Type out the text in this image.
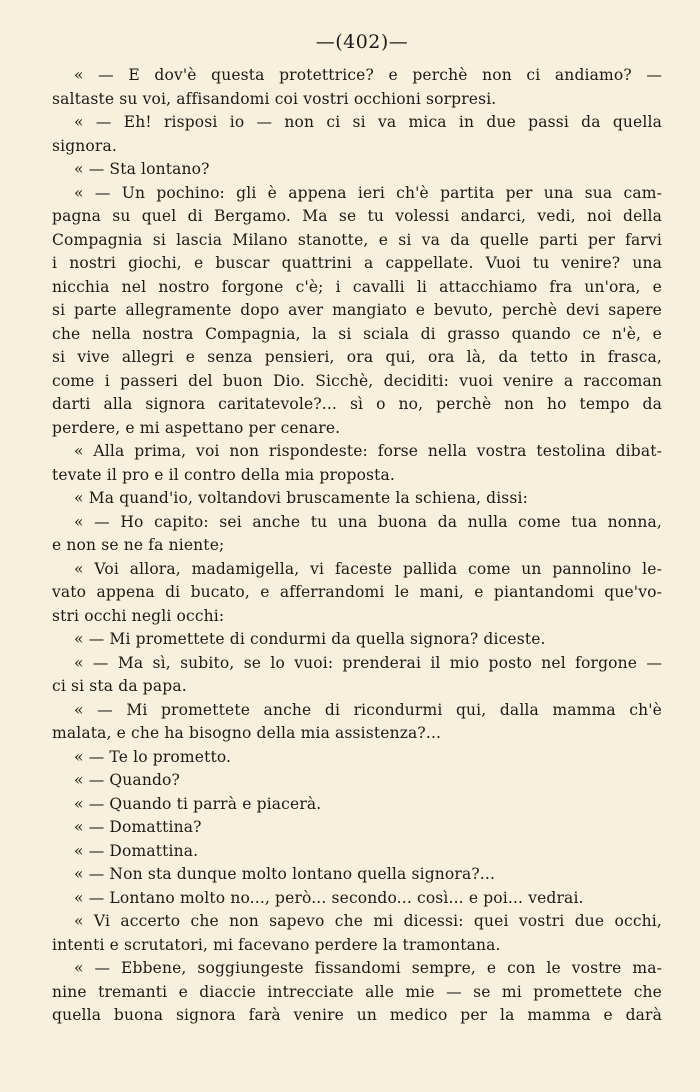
—(402)—
« — E dov'è questa protettrice? e perchè non ci andiamo? —
saltaste su voi, affisandomi coi vostri occhioni sorpresi.
« — Eh! risposi io — non ci si va mica in due passi da quella
signora.
« — Sta lontano?
« — Un pochino: gli è appena ieri ch'è partita per una sua cam-
pagna su quel di Bergamo. Ma se tu volessi andarci, vedi, noi della
Compagnia si lascia Milano stanotte, e si va da quelle parti per farvi
i nostri giochi, e buscar quattrini a cappellate. Vuoi tu venire? una
nicchia nel nostro forgone c'è; i cavalli li attacchiamo fra un'ora, e
si parte allegramente dopo aver mangiato e bevuto, perchè devi sapere
che nella nostra Compagnia, la si sciala di grasso quando ce n'è, e
si vive allegri e senza pensieri, ora qui, ora là, da tetto in frasca,
come i passeri del buon Dio. Sicchè, deciditi: vuoi venire a raccoman
darti alla signora caritatevole?... sì o no, perchè non ho tempo da
perdere, e mi aspettano per cenare.
« Alla prima, voi non rispondeste: forse nella vostra testolina dibat-
tevate il pro e il contro della mia proposta.
« Ma quand'io, voltandovi bruscamente la schiena, dissi:
« — Ho capito: sei anche tu una buona da nulla come tua nonna,
e non se ne fa niente;
« Voi allora, madamigella, vi faceste pallida come un pannolino le-
vato appena di bucato, e afferrandomi le mani, e piantandomi que'vo-
stri occhi negli occhi:
« — Mi promettete di condurmi da quella signora? diceste.
« — Ma sì, subito, se lo vuoi: prenderai il mio posto nel forgone —
ci si sta da papa.
« — Mi promettete anche di ricondurmi qui, dalla mamma ch'è
malata, e che ha bisogno della mia assistenza?...
« — Te lo prometto.
« — Quando?
« — Quando ti parrà e piacerà.
« — Domattina?
« — Domattina.
« — Non sta dunque molto lontano quella signora?...
« — Lontano molto no..., però... secondo... così... e poi... vedrai.
« Vi accerto che non sapevo che mi dicessi: quei vostri due occhi,
intenti e scrutatori, mi facevano perdere la tramontana.
« — Ebbene, soggiungeste fissandomi sempre, e con le vostre ma-
nine tremanti e diaccie intrecciate alle mie — se mi promettete che
quella buona signora farà venire un medico per la mamma e darà
